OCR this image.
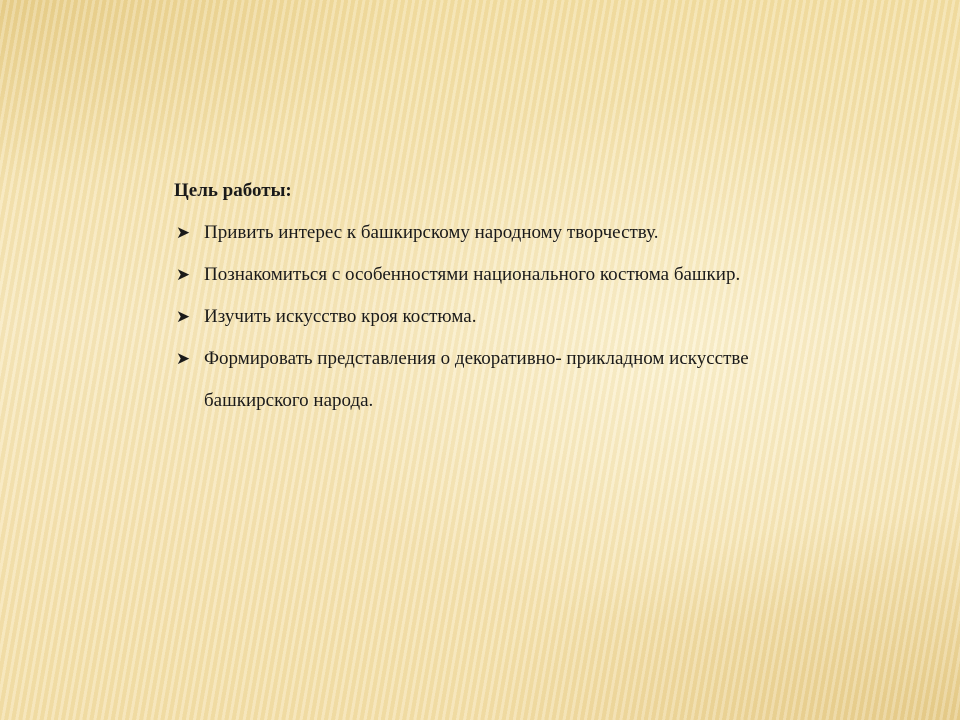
Цель работы:
➤ Привить интерес к башкирскому народному творчеству.
➤ Познакомиться с особенностями национального костюма башкир.
➤ Изучить искусство кроя костюма.
➤ Формировать представления о декоративно- прикладном искусстве башкирского народа.
